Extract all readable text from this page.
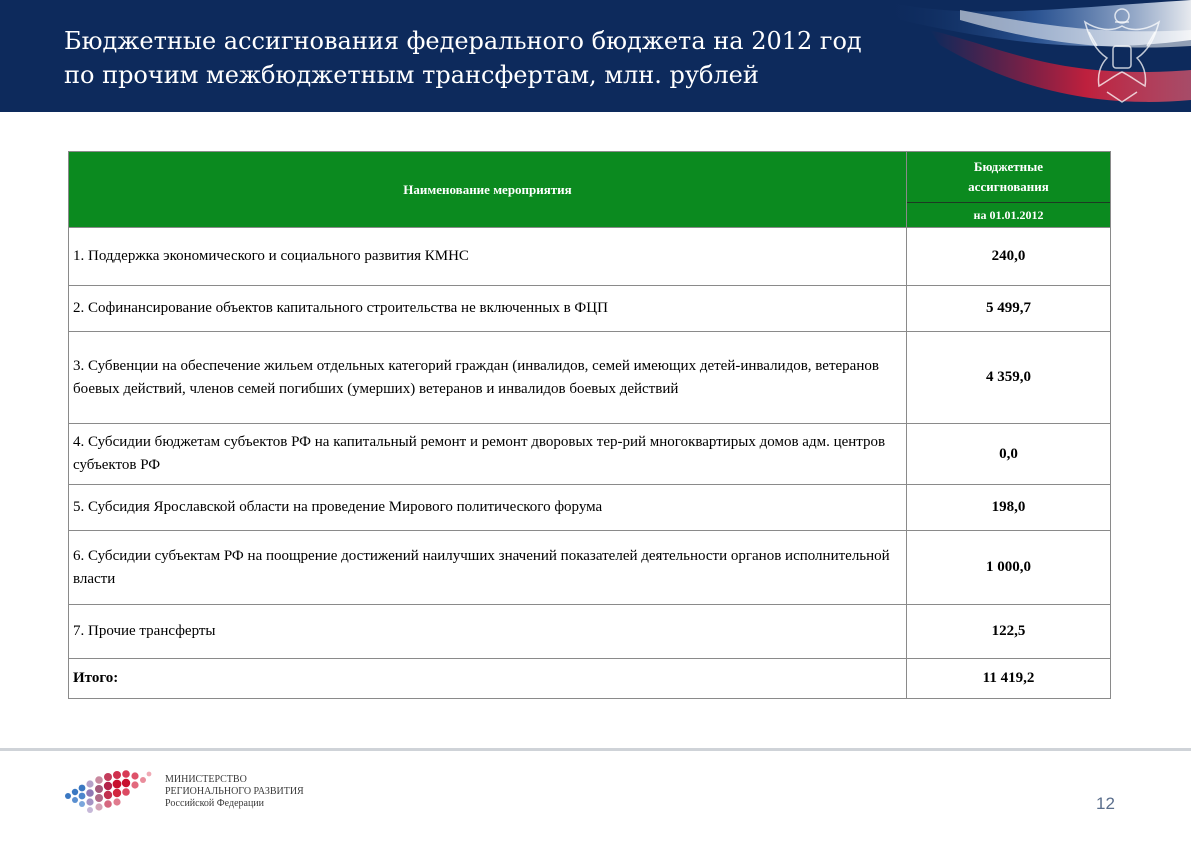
Бюджетные ассигнования федерального бюджета на 2012 год
по прочим межбюджетным трансфертам, млн. рублей
Наименование мероприятия	Бюджетные
ассигнования
на 01.01.2012

1. Поддержка экономического и социального развития КМНС	240,0
2. Софинансирование объектов капитального строительства не включенных в ФЦП	5 499,7
3. Субвенции на обеспечение жильем отдельных категорий граждан (инвалидов, семей имеющих детей-инвалидов, ветеранов боевых действий, членов семей погибших (умерших) ветеранов и инвалидов боевых действий	4 359,0
4. Субсидии бюджетам субъектов РФ на капитальный ремонт и ремонт дворовых тер-рий многоквартирых домов адм. центров субъектов РФ	0,0
5. Субсидия Ярославской области на проведение Мирового политического форума	198,0
6. Субсидии субъектам РФ на поощрение достижений наилучших значений показателей деятельности органов исполнительной власти	1 000,0
7. Прочие трансферты	122,5
Итого:	11 419,2
МИНИСТЕРСТВО
РЕГИОНАЛЬНОГО РАЗВИТИЯ
Российской Федерации	12
